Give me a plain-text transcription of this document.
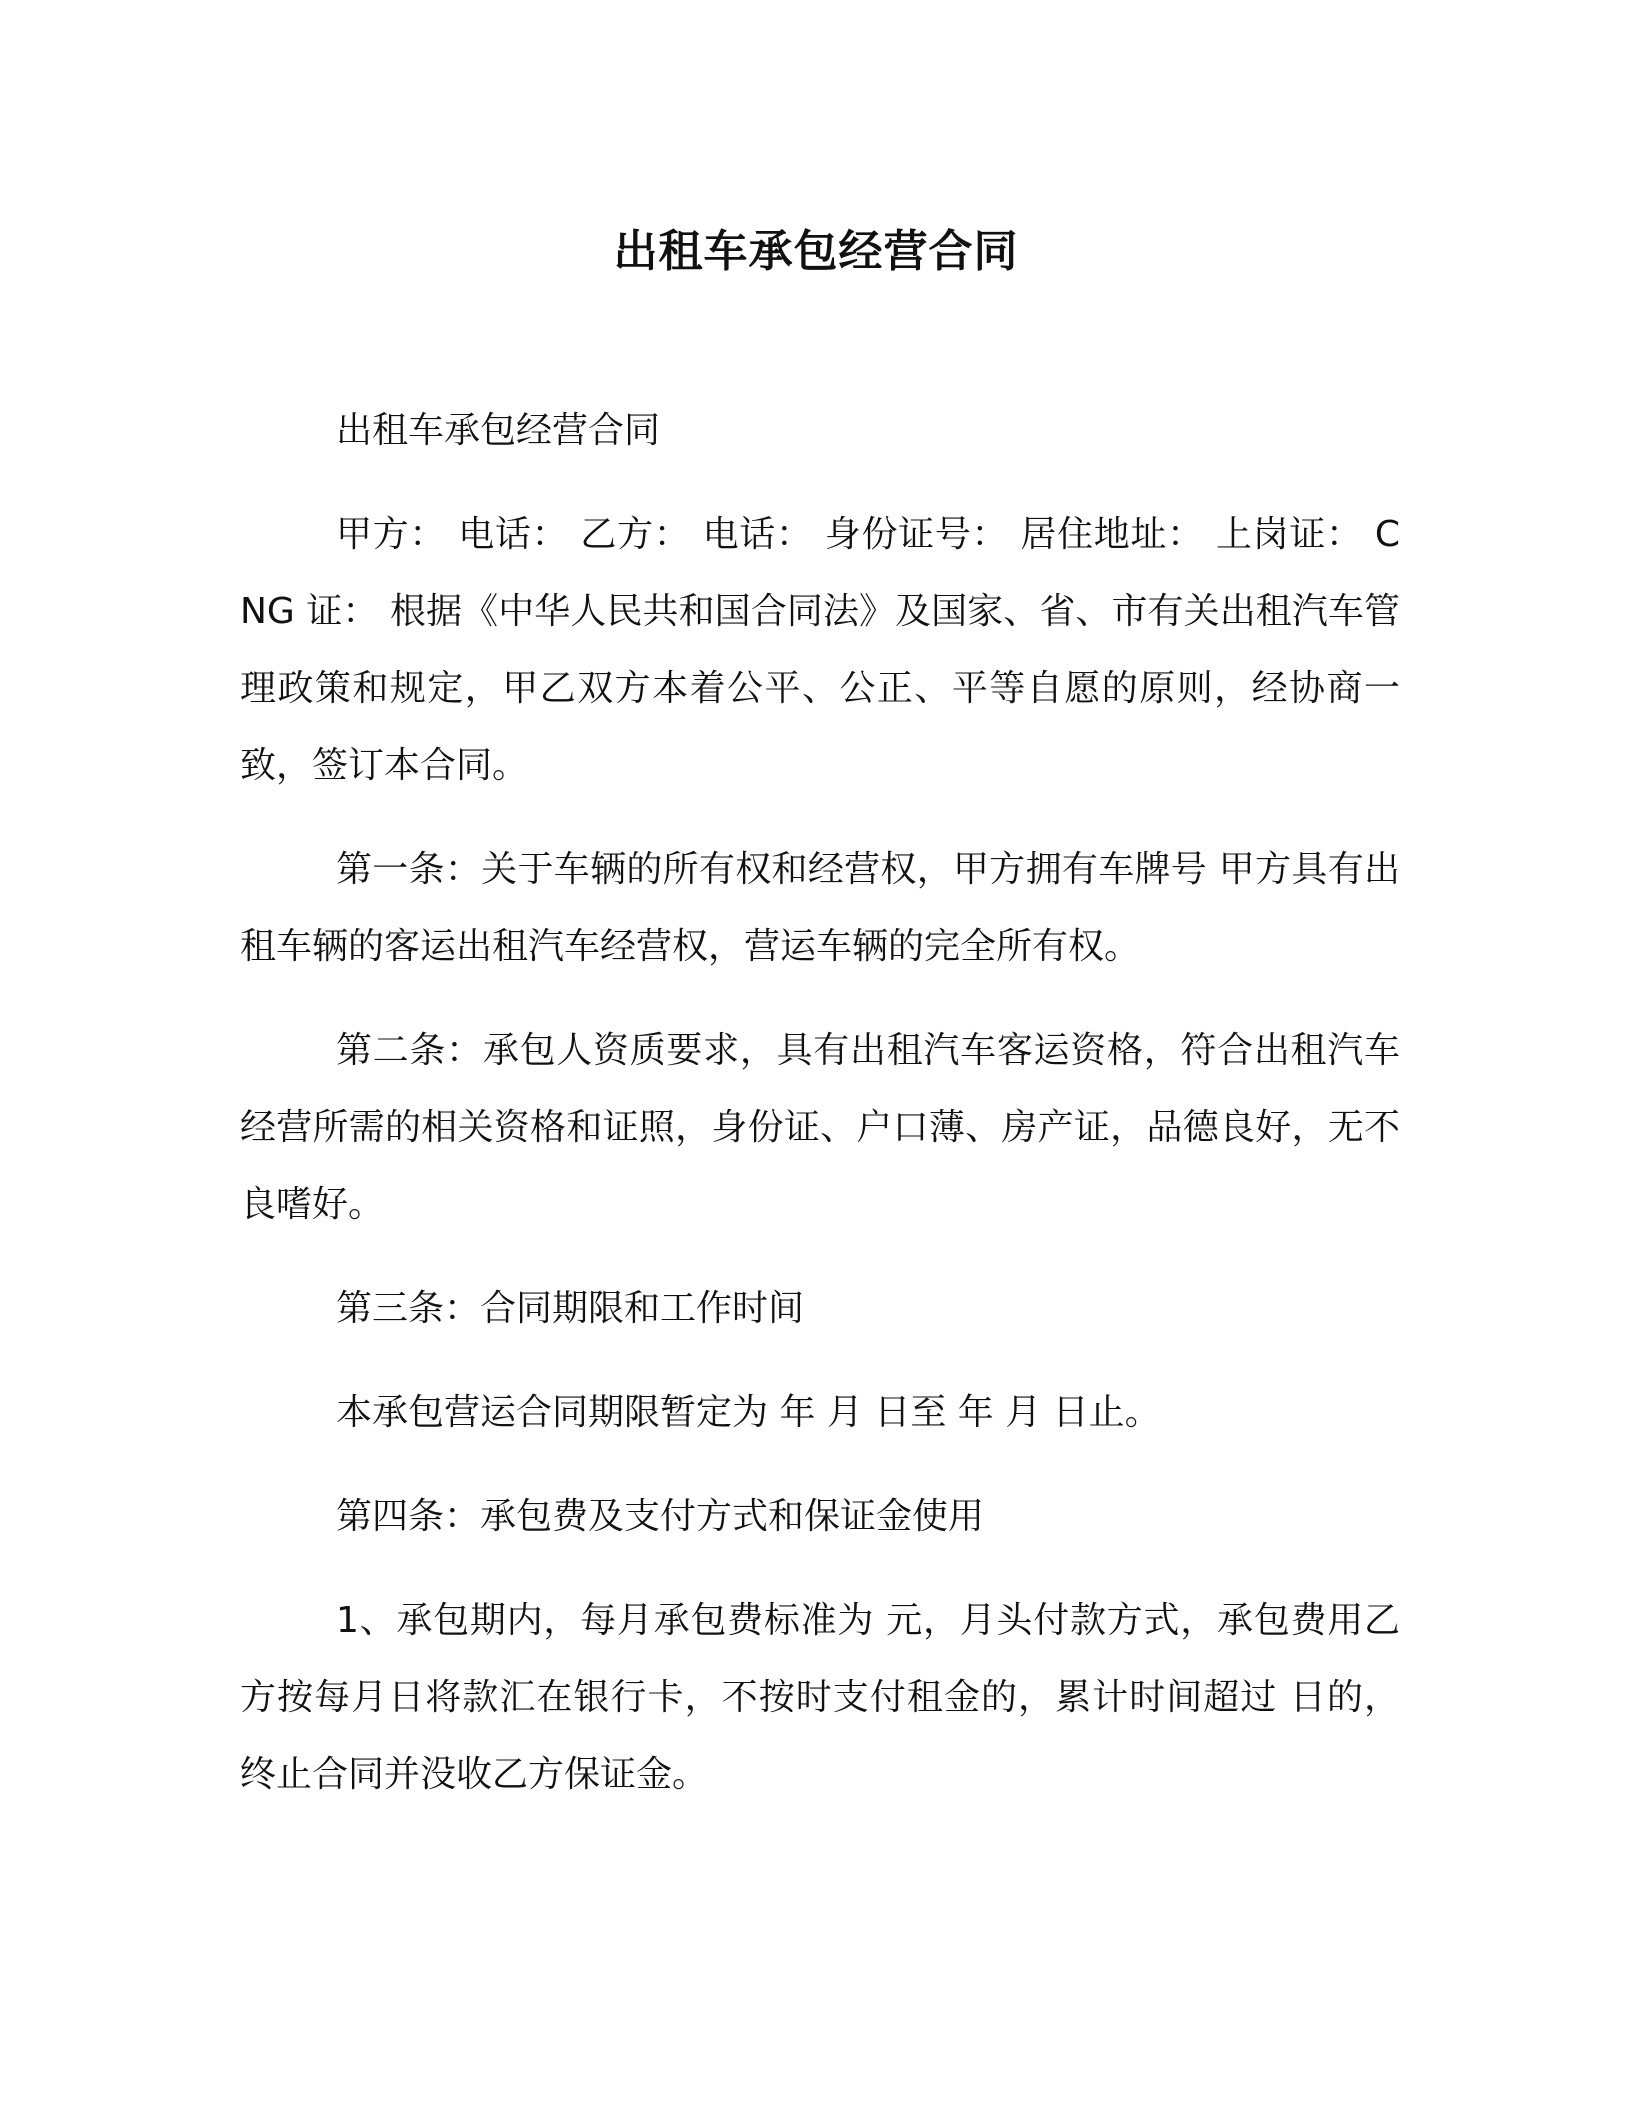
出租车承包经营合同

出租车承包经营合同

甲方： 电话： 乙方： 电话： 身份证号： 居住地址： 上岗证： CNG 证： 根据《中华人民共和国合同法》及国家、省、市有关出租汽车管理政策和规定，甲乙双方本着公平、公正、平等自愿的原则，经协商一致，签订本合同。

第一条：关于车辆的所有权和经营权，甲方拥有车牌号 甲方具有出租车辆的客运出租汽车经营权，营运车辆的完全所有权。

第二条：承包人资质要求，具有出租汽车客运资格，符合出租汽车经营所需的相关资格和证照，身份证、户口薄、房产证，品德良好，无不良嗜好。

第三条：合同期限和工作时间

本承包营运合同期限暂定为 年 月 日至 年 月 日止。

第四条：承包费及支付方式和保证金使用

1、承包期内，每月承包费标准为 元，月头付款方式，承包费用乙方按每月日将款汇在银行卡，不按时支付租金的，累计时间超过 日的，终止合同并没收乙方保证金。
